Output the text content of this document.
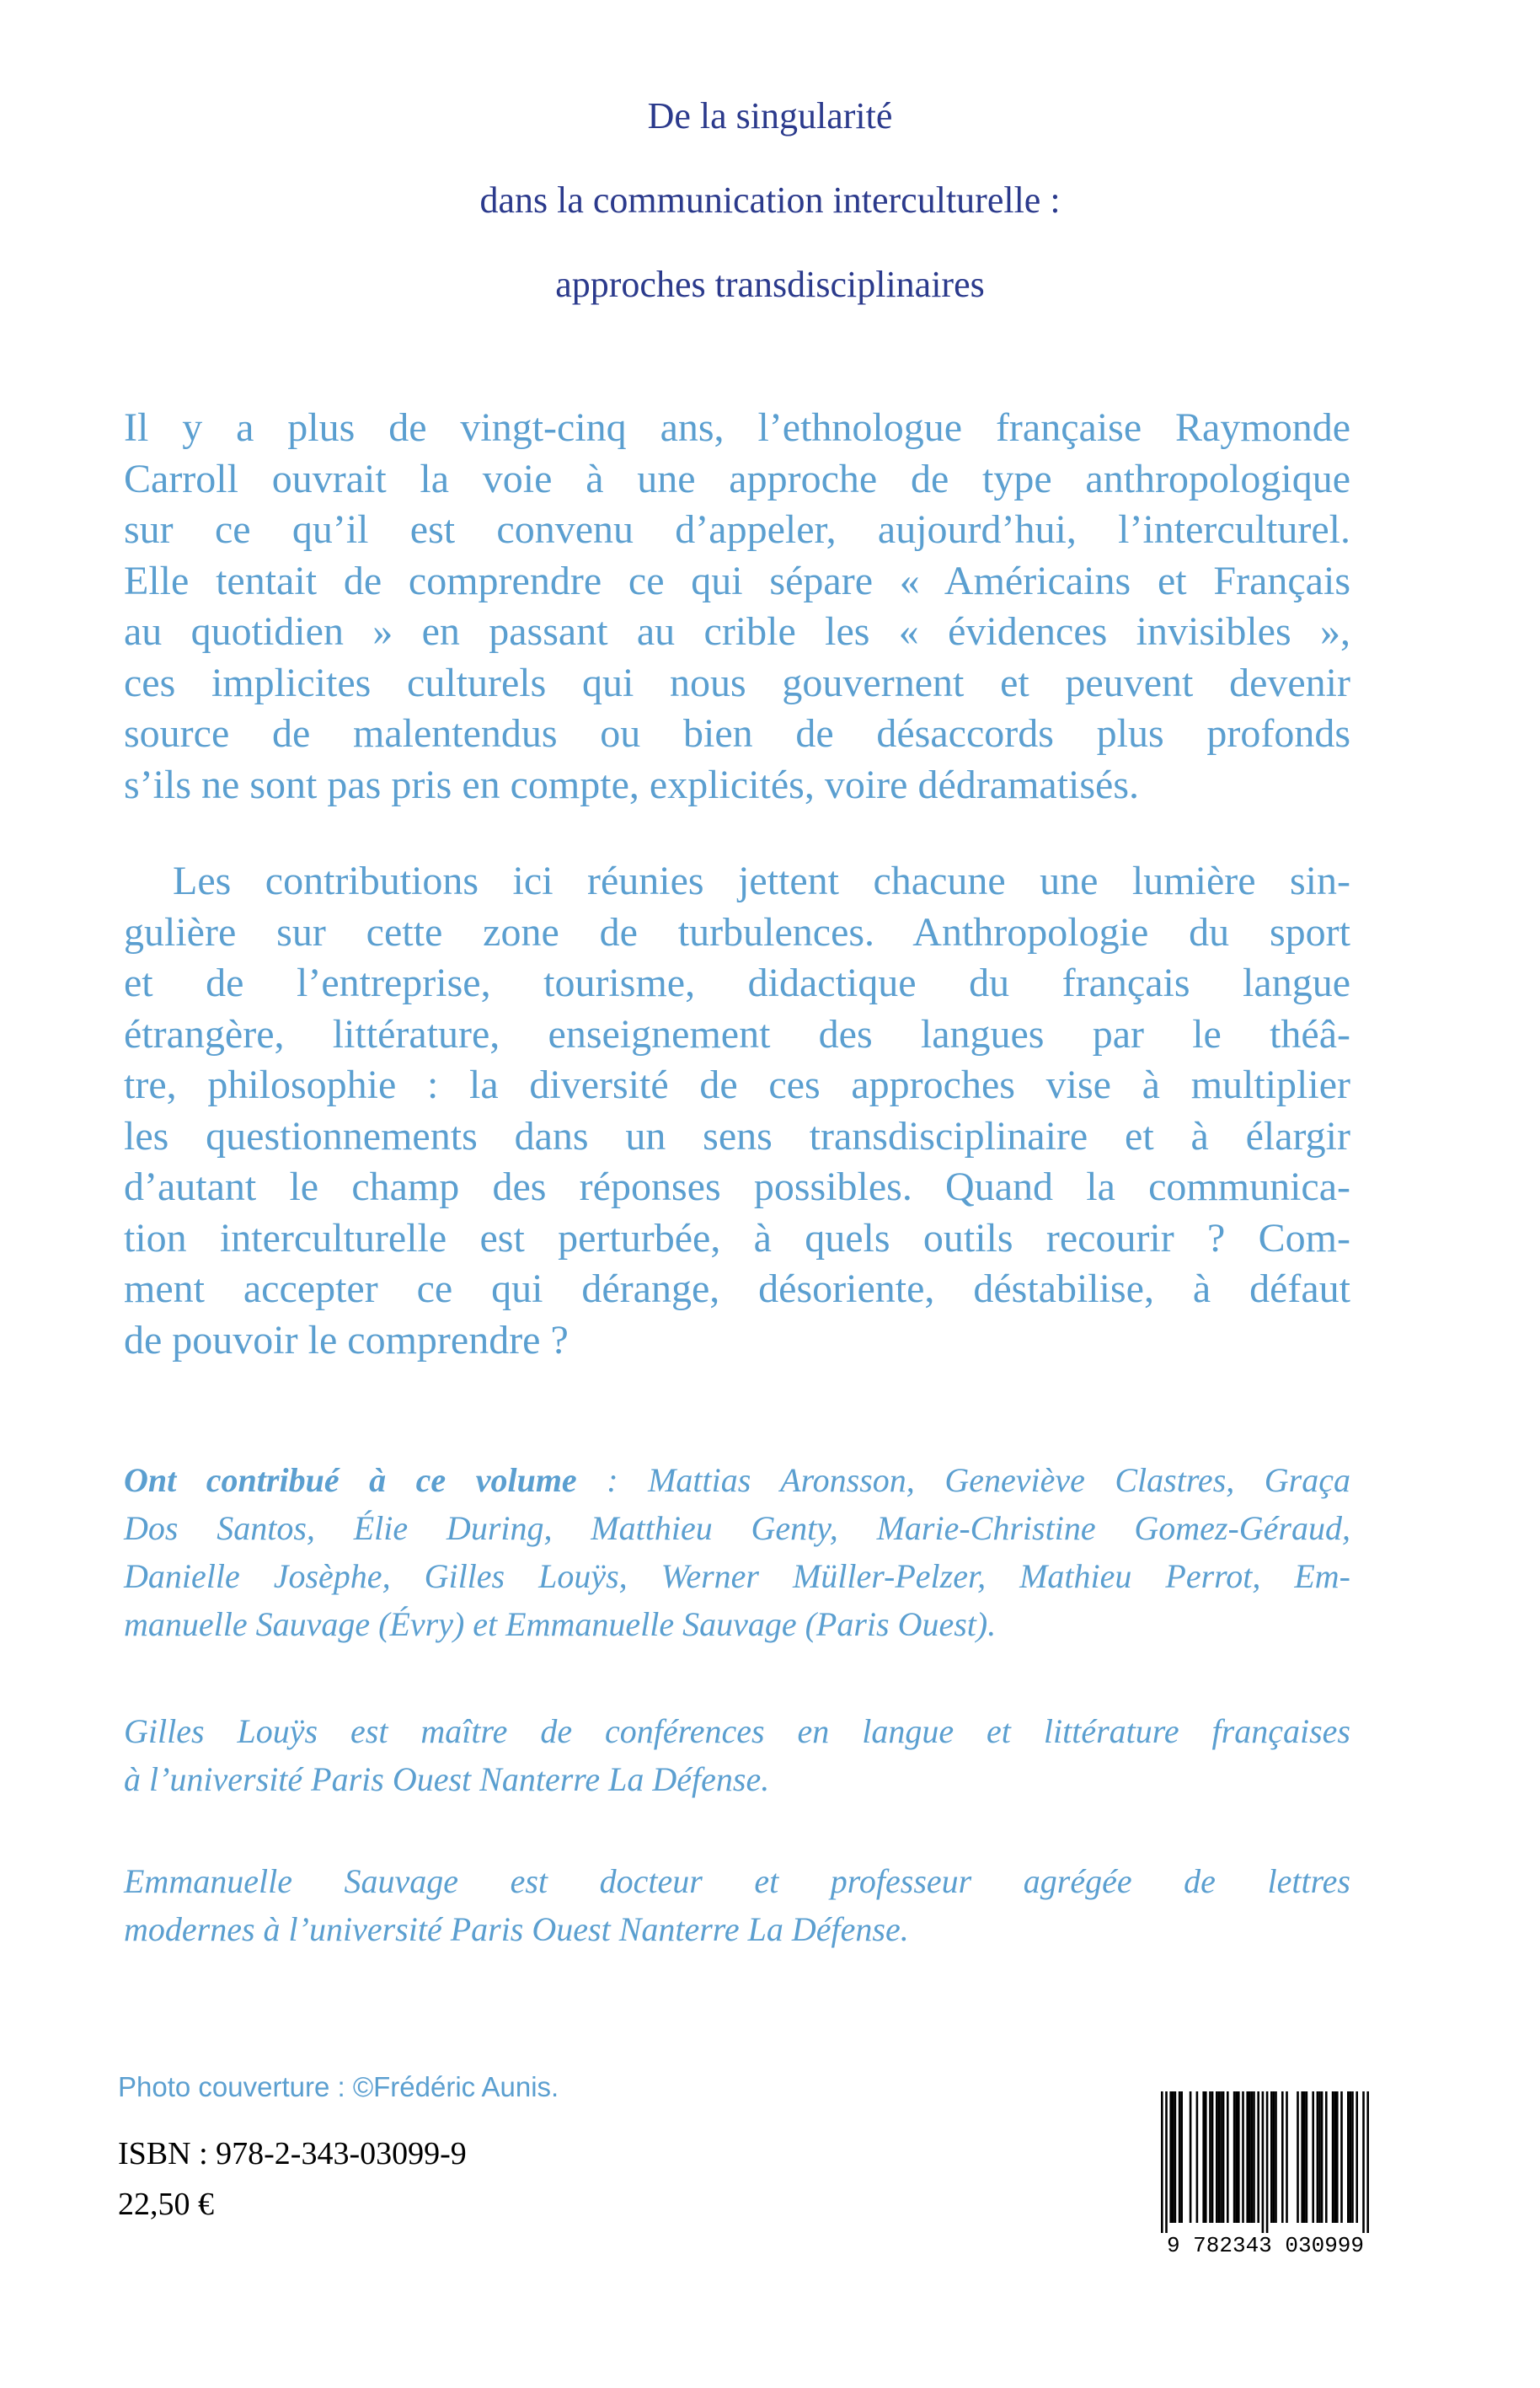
De la singularité
dans la communication interculturelle :
approches transdisciplinaires
Il y a plus de vingt-cinq ans, l’ethnologue française Raymonde
Carroll ouvrait la voie à une approche de type anthropologique
sur ce qu’il est convenu d’appeler, aujourd’hui, l’interculturel.
Elle tentait de comprendre ce qui sépare « Américains et Français
au quotidien » en passant au crible les « évidences invisibles »,
ces implicites culturels qui nous gouvernent et peuvent devenir
source de malentendus ou bien de désaccords plus profonds
s’ils ne sont pas pris en compte, explicités, voire dédramatisés.
Les contributions ici réunies jettent chacune une lumière sin-
gulière sur cette zone de turbulences. Anthropologie du sport
et de l’entreprise, tourisme, didactique du français langue
étrangère, littérature, enseignement des langues par le théâ-
tre, philosophie : la diversité de ces approches vise à multiplier
les questionnements dans un sens transdisciplinaire et à élargir
d’autant le champ des réponses possibles. Quand la communica-
tion interculturelle est perturbée, à quels outils recourir ? Com-
ment accepter ce qui dérange, désoriente, déstabilise, à défaut
de pouvoir le comprendre ?
Ont contribué à ce volume : Mattias Aronsson, Geneviève Clastres, Graça
Dos Santos, Élie During, Matthieu Genty, Marie-Christine Gomez-Géraud,
Danielle Josèphe, Gilles Louÿs, Werner Müller-Pelzer, Mathieu Perrot, Em-
manuelle Sauvage (Évry) et Emmanuelle Sauvage (Paris Ouest).
Gilles Louÿs est maître de conférences en langue et littérature françaises
à l’université Paris Ouest Nanterre La Défense.
Emmanuelle Sauvage est docteur et professeur agrégée de lettres
modernes à l’université Paris Ouest Nanterre La Défense.
Photo couverture : ©Frédéric Aunis.
ISBN : 978-2-343-03099-9
22,50 €
9 782343 030999
